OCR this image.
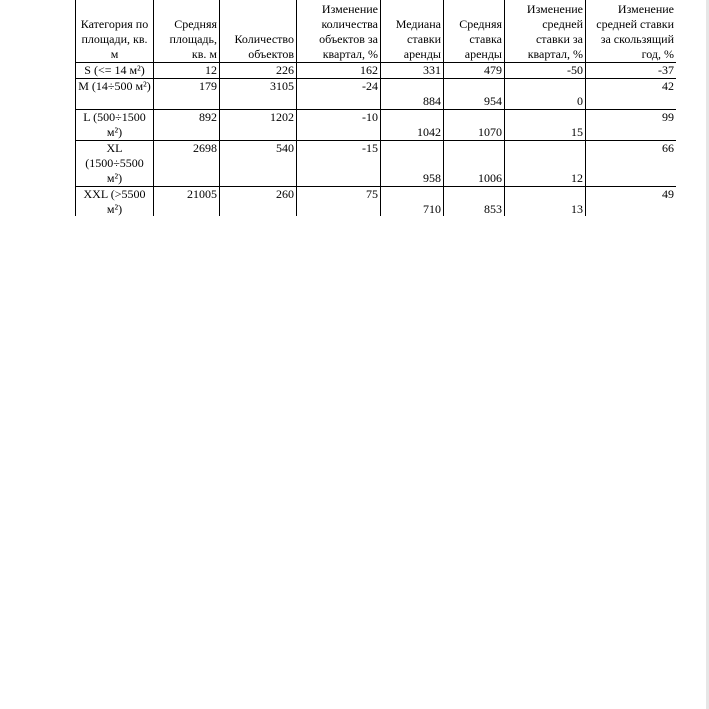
Категория по площади, кв. м	Средняя площадь, кв. м	Количество объектов	Изменение количества объектов за квартал, %	Медиана ставки аренды	Средняя ставка аренды	Изменение средней ставки за квартал, %	Изменение средней ставки за скользящий год, %
S (<= 14 м²)	12	226	162	331	479	-50	-37
M (14÷500 м²)	179	3105	-24	884	954	0	42
L (500÷1500 м²)	892	1202	-10	1042	1070	15	99
XL (1500÷5500 м²)	2698	540	-15	958	1006	12	66
XXL (>5500 м²)	21005	260	75	710	853	13	49
